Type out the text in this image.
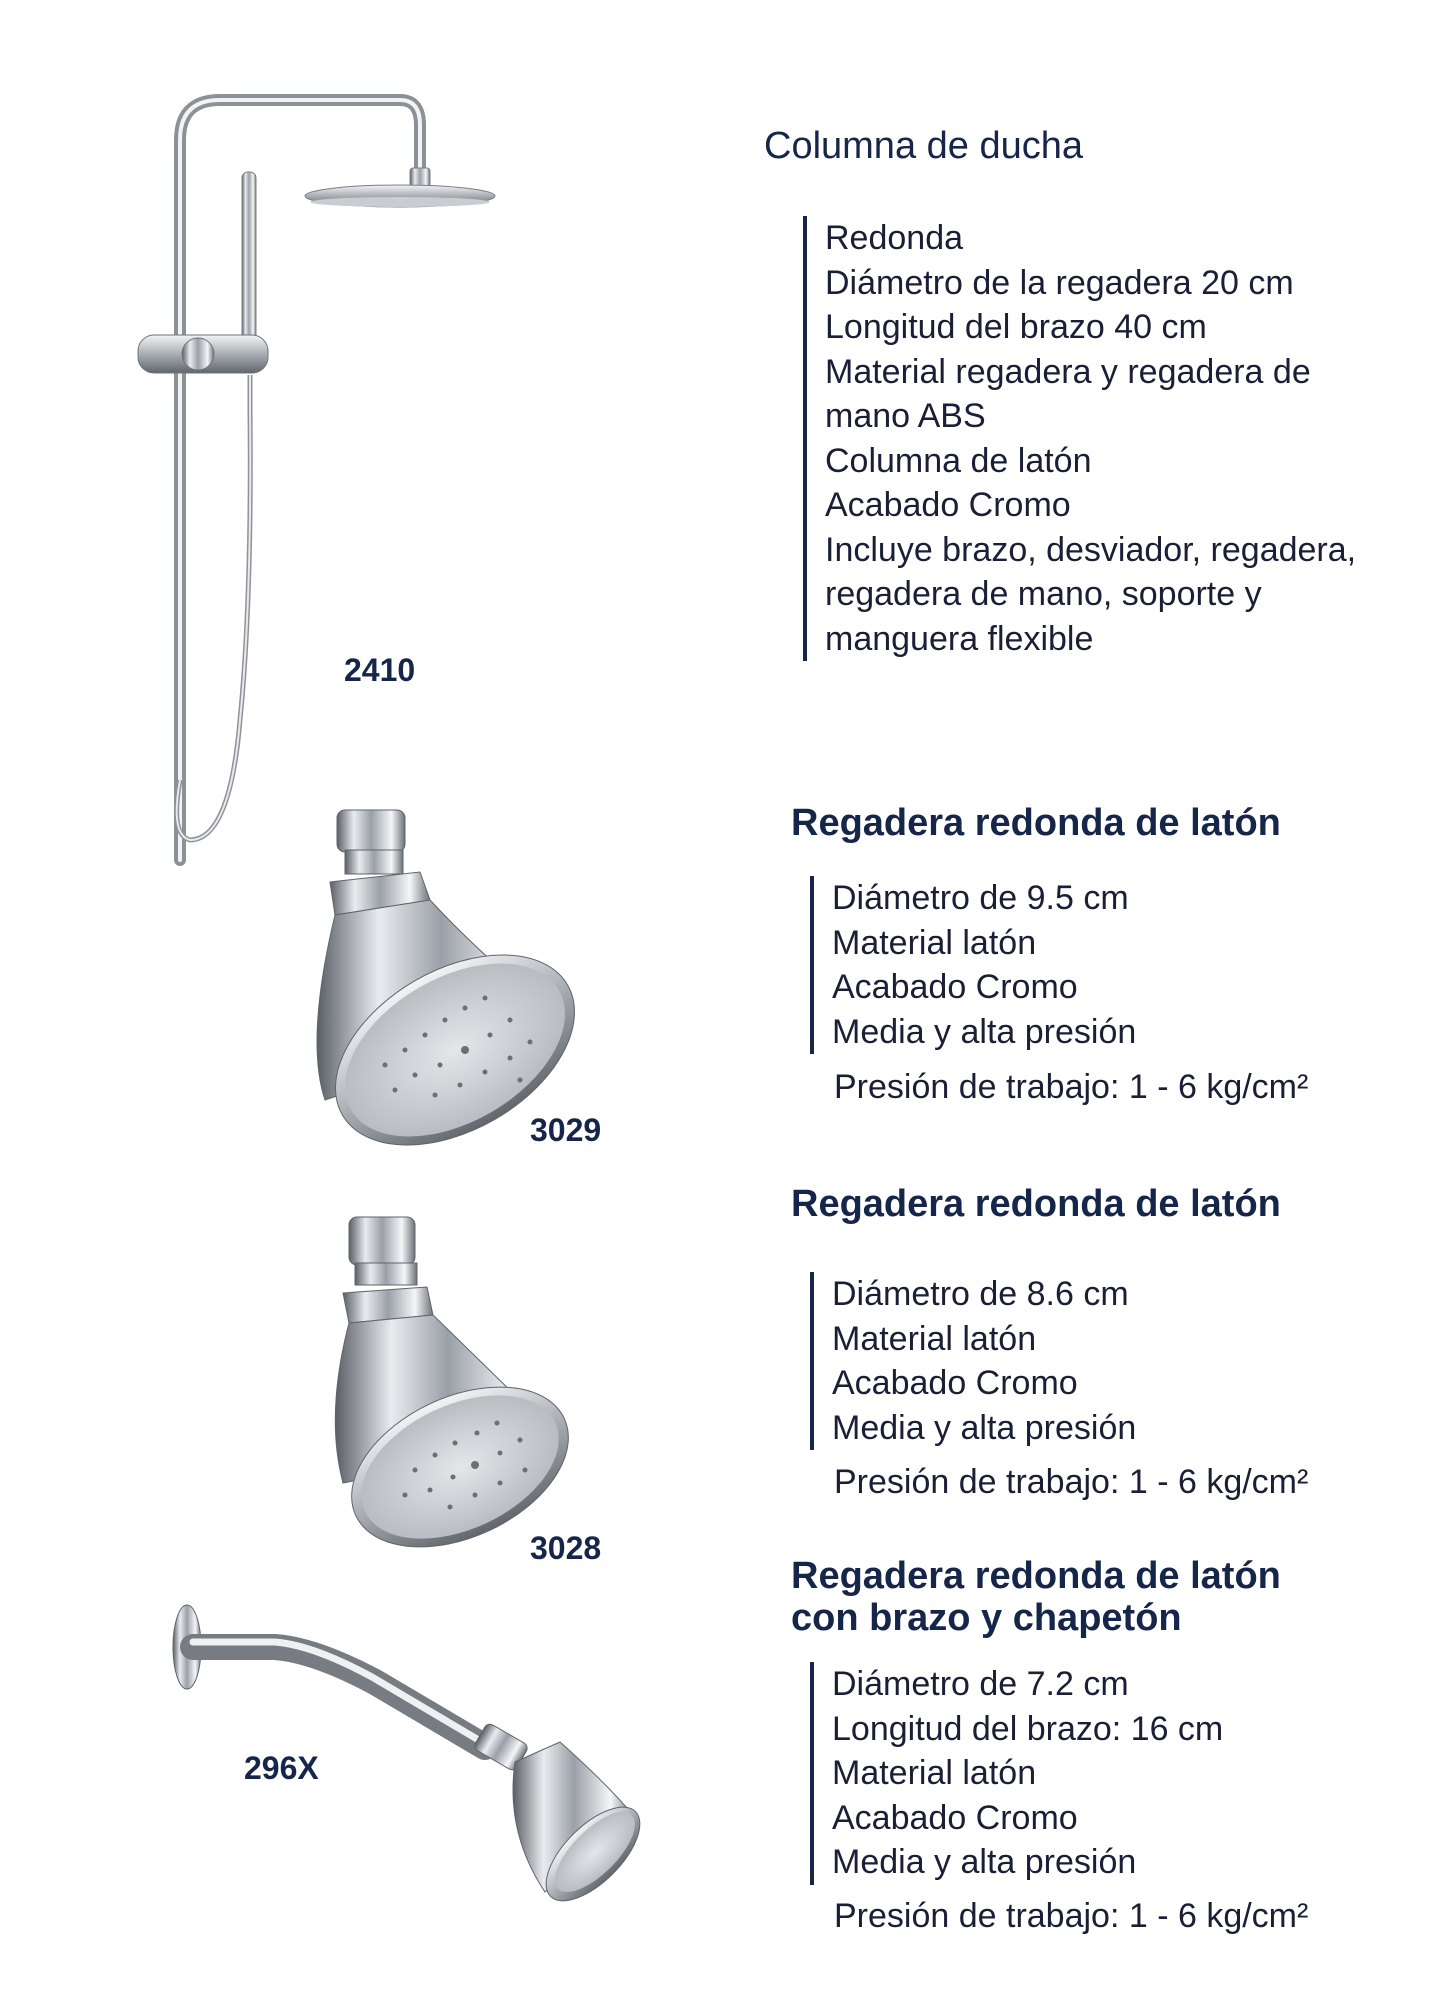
2410
Columna de ducha
Redonda
Diámetro de la regadera 20 cm
Longitud del brazo 40 cm
Material regadera y regadera de
mano ABS
Columna de latón
Acabado Cromo
Incluye brazo, desviador, regadera,
regadera de mano, soporte y
manguera flexible
3029
Regadera redonda de latón
Diámetro de 9.5 cm
Material latón
Acabado Cromo
Media y alta presión
Presión de trabajo: 1 - 6 kg/cm²
3028
Regadera redonda de latón
Diámetro de 8.6 cm
Material latón
Acabado Cromo
Media y alta presión
Presión de trabajo: 1 - 6 kg/cm²
296X
Regadera redonda de latón
con brazo y chapetón
Diámetro de 7.2 cm
Longitud del brazo: 16 cm
Material latón
Acabado Cromo
Media y alta presión
Presión de trabajo: 1 - 6 kg/cm²
